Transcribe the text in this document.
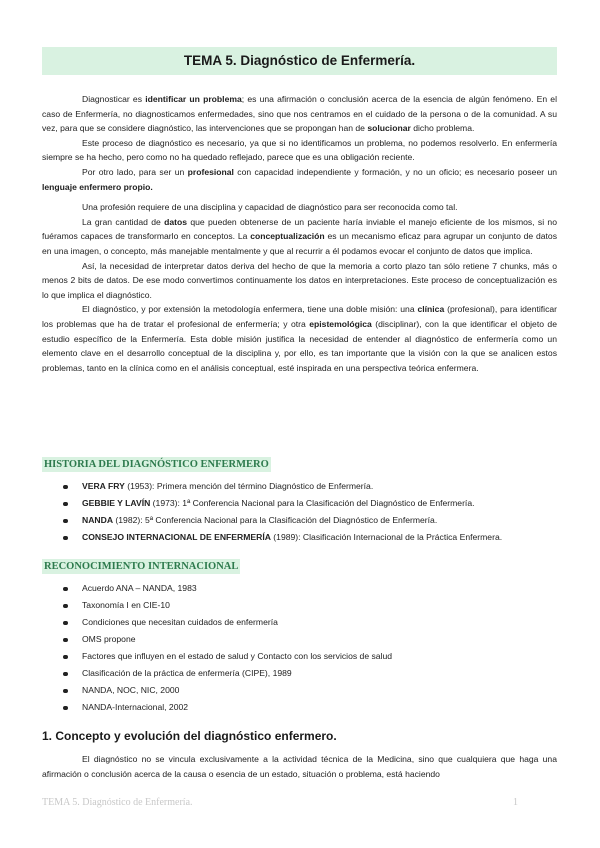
TEMA 5. Diagnóstico de Enfermería.

Diagnosticar es identificar un problema; es una afirmación o conclusión acerca de la esencia de algún fenómeno. En el caso de Enfermería, no diagnosticamos enfermedades, sino que nos centramos en el cuidado de la persona o de la comunidad. A su vez, para que se considere diagnóstico, las intervenciones que se propongan han de solucionar dicho problema.

Este proceso de diagnóstico es necesario, ya que si no identificamos un problema, no podemos resolverlo. En enfermería siempre se ha hecho, pero como no ha quedado reflejado, parece que es una obligación reciente.

Por otro lado, para ser un profesional con capacidad independiente y formación, y no un oficio; es necesario poseer un lenguaje enfermero propio.

Una profesión requiere de una disciplina y capacidad de diagnóstico para ser reconocida como tal.

La gran cantidad de datos que pueden obtenerse de un paciente haría inviable el manejo eficiente de los mismos, si no fuéramos capaces de transformarlo en conceptos. La conceptualización es un mecanismo eficaz para agrupar un conjunto de datos en una imagen, o concepto, más manejable mentalmente y que al recurrir a él podamos evocar el conjunto de datos que implica.

Así, la necesidad de interpretar datos deriva del hecho de que la memoria a corto plazo tan sólo retiene 7 chunks, más o menos 2 bits de datos. De ese modo convertimos continuamente los datos en interpretaciones. Este proceso de conceptualización es lo que implica el diagnóstico.

El diagnóstico, y por extensión la metodología enfermera, tiene una doble misión: una clínica (profesional), para identificar los problemas que ha de tratar el profesional de enfermería; y otra epistemológica (disciplinar), con la que identificar el objeto de estudio específico de la Enfermería. Esta doble misión justifica la necesidad de entender al diagnóstico de enfermería como un elemento clave en el desarrollo conceptual de la disciplina y, por ello, es tan importante que la visión con la que se analicen estos problemas, tanto en la clínica como en el análisis conceptual, esté inspirada en una perspectiva teórica enfermera.

HISTORIA DEL DIAGNÓSTICO ENFERMERO
VERA FRY (1953): Primera mención del término Diagnóstico de Enfermería.
GEBBIE Y LAVÍN (1973): 1ª Conferencia Nacional para la Clasificación del Diagnóstico de Enfermería.
NANDA (1982): 5ª Conferencia Nacional para la Clasificación del Diagnóstico de Enfermería.
CONSEJO INTERNACIONAL DE ENFERMERÍA (1989): Clasificación Internacional de la Práctica Enfermera.
RECONOCIMIENTO INTERNACIONAL
Acuerdo ANA – NANDA, 1983
Taxonomía I en CIE-10
Condiciones que necesitan cuidados de enfermería
OMS propone
Factores que influyen en el estado de salud y Contacto con los servicios de salud
Clasificación de la práctica de enfermería (CIPE), 1989
NANDA, NOC, NIC, 2000
NANDA-Internacional, 2002
1. Concepto y evolución del diagnóstico enfermero.

El diagnóstico no se vincula exclusivamente a la actividad técnica de la Medicina, sino que cualquiera que haga una afirmación o conclusión acerca de la causa o esencia de un estado, situación o problema, está haciendo

TEMA 5. Diagnóstico de Enfermería.	1
